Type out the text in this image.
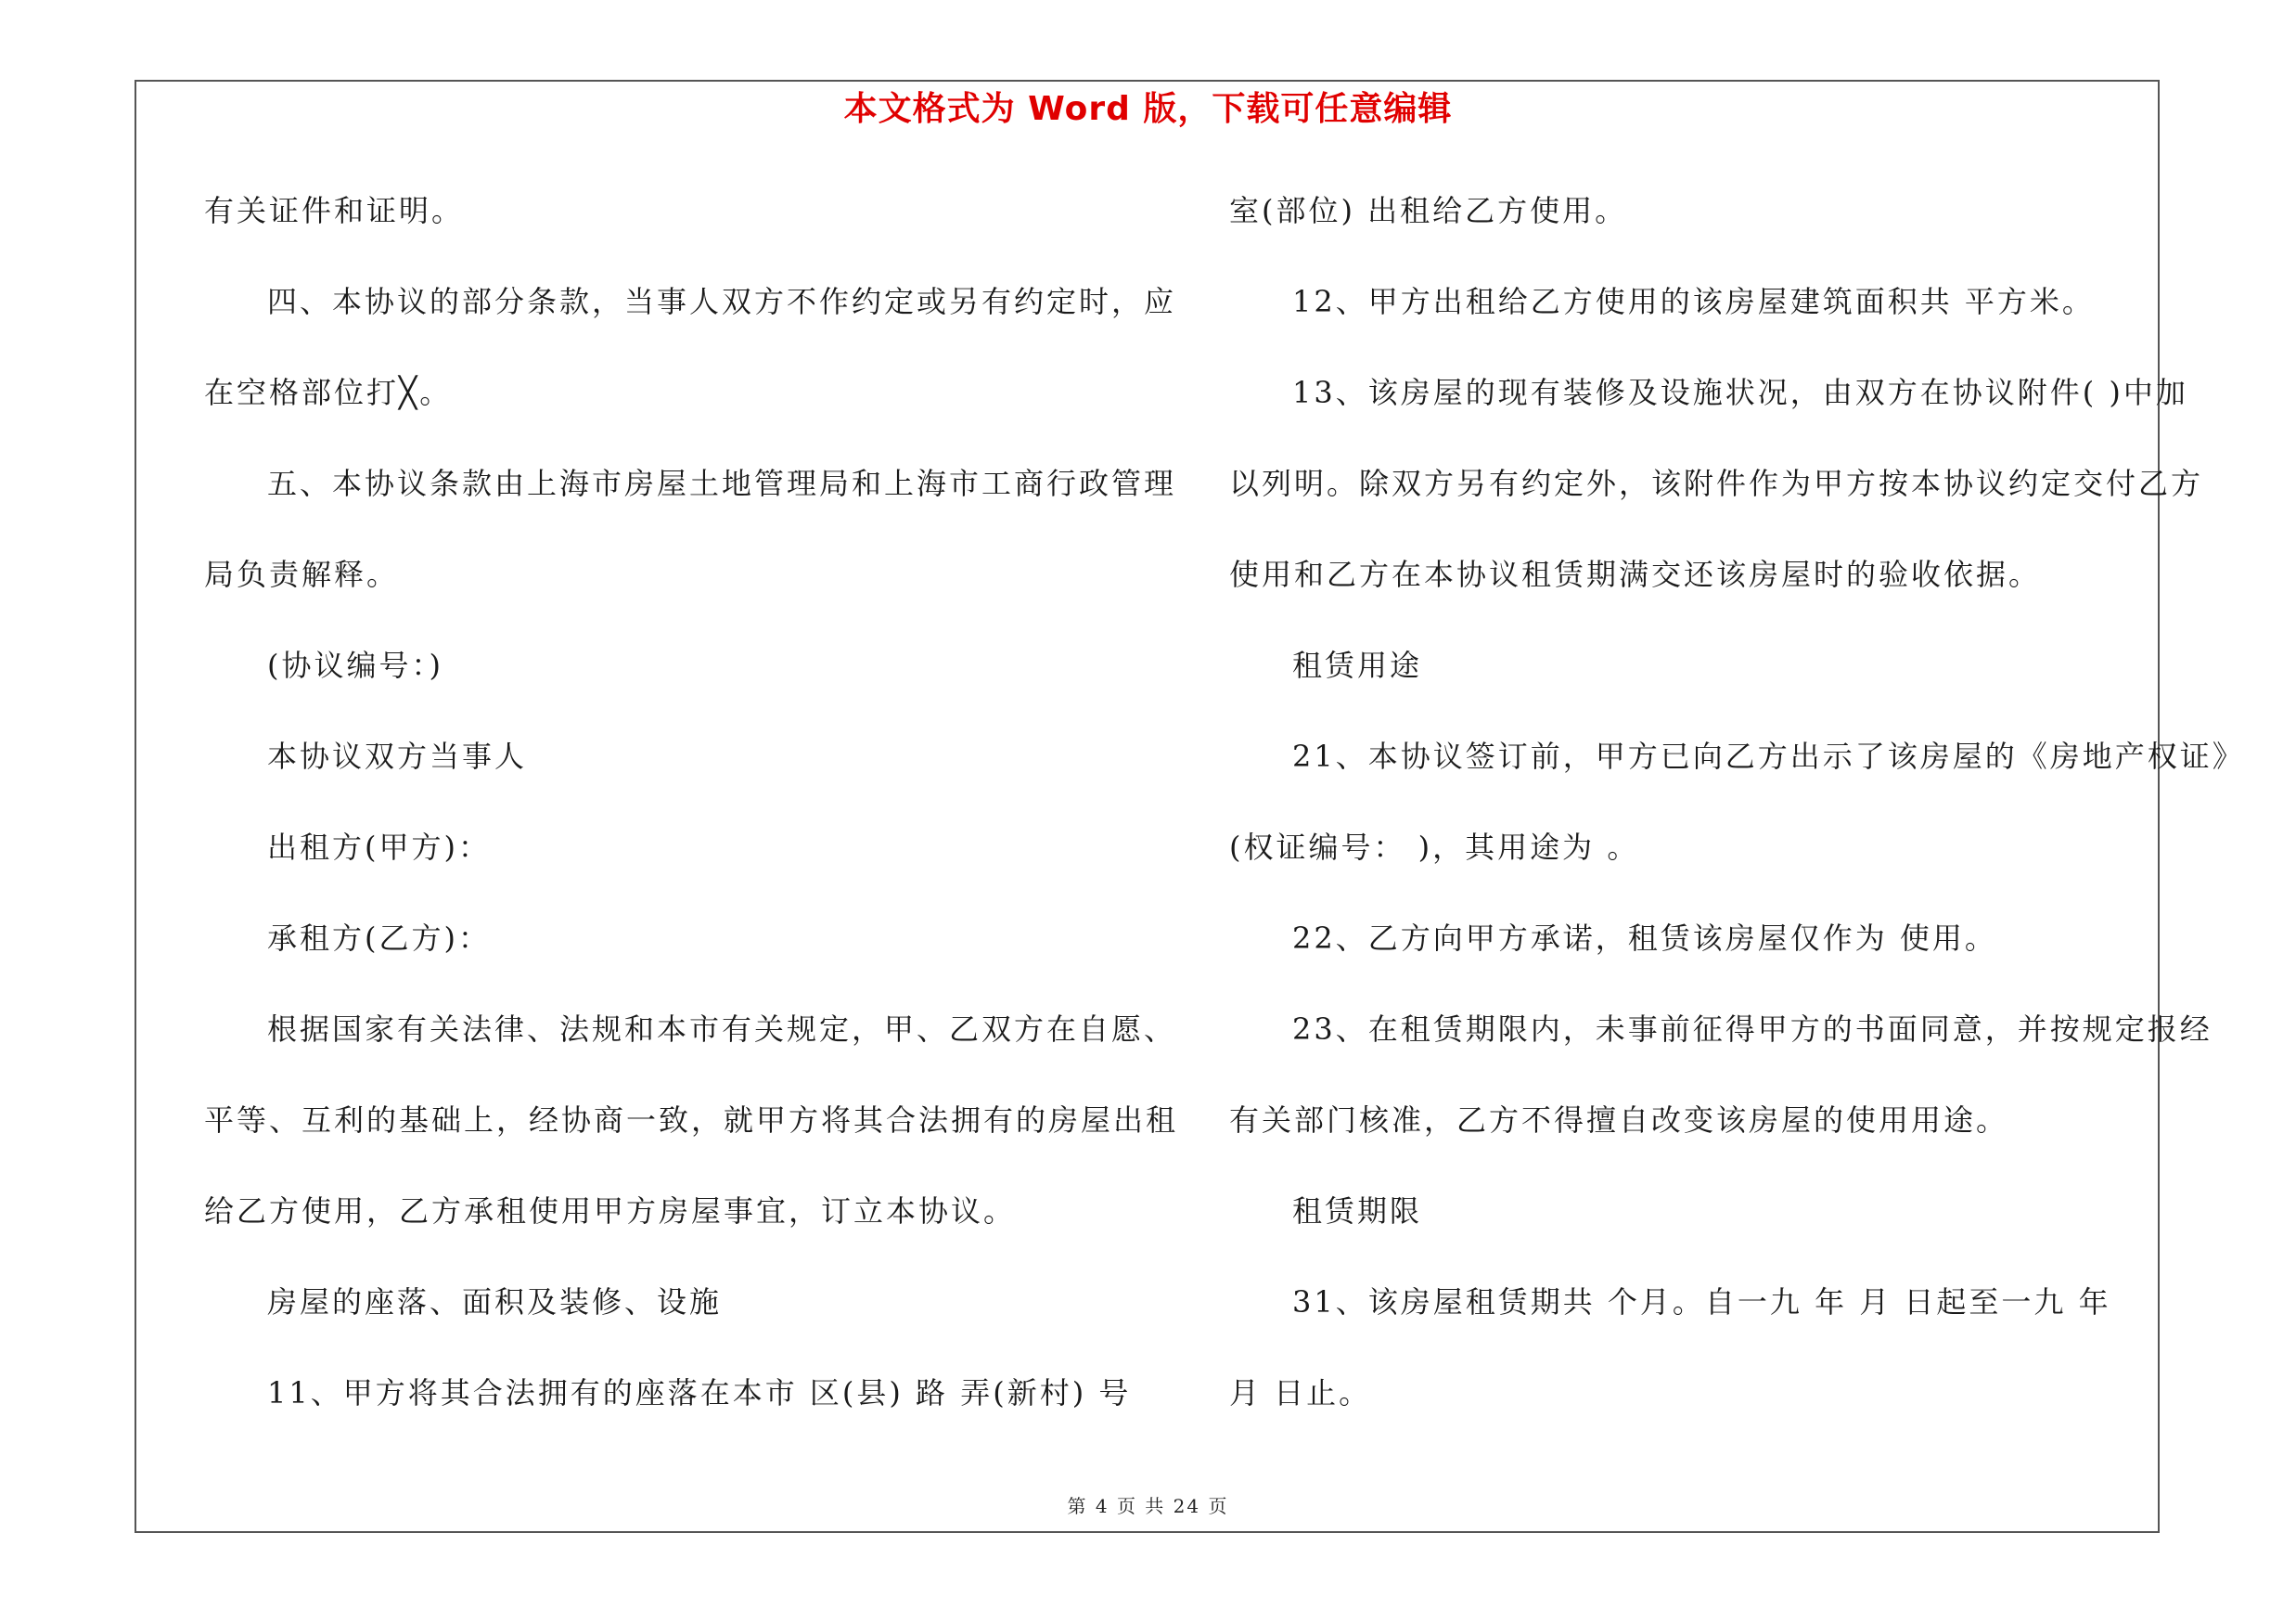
本文格式为 Word 版，下载可任意编辑
有关证件和证明。
四、本协议的部分条款，当事人双方不作约定或另有约定时，应
在空格部位打╳。
五、本协议条款由上海市房屋土地管理局和上海市工商行政管理
局负责解释。
(协议编号：)
本协议双方当事人
出租方(甲方)：
承租方(乙方)：
根据国家有关法律、法规和本市有关规定，甲、乙双方在自愿、
平等、互利的基础上，经协商一致，就甲方将其合法拥有的房屋出租
给乙方使用，乙方承租使用甲方房屋事宜，订立本协议。
房屋的座落、面积及装修、设施
11、甲方将其合法拥有的座落在本市 区(县) 路 弄(新村) 号
室(部位) 出租给乙方使用。
12、甲方出租给乙方使用的该房屋建筑面积共 平方米。
13、该房屋的现有装修及设施状况，由双方在协议附件( )中加
以列明。除双方另有约定外，该附件作为甲方按本协议约定交付乙方
使用和乙方在本协议租赁期满交还该房屋时的验收依据。
租赁用途
21、本协议签订前，甲方已向乙方出示了该房屋的《房地产权证》
(权证编号： )，其用途为 。
22、乙方向甲方承诺，租赁该房屋仅作为 使用。
23、在租赁期限内，未事前征得甲方的书面同意，并按规定报经
有关部门核准，乙方不得擅自改变该房屋的使用用途。
租赁期限
31、该房屋租赁期共 个月。自一九 年 月 日起至一九 年
月 日止。
第 4 页 共 24 页
